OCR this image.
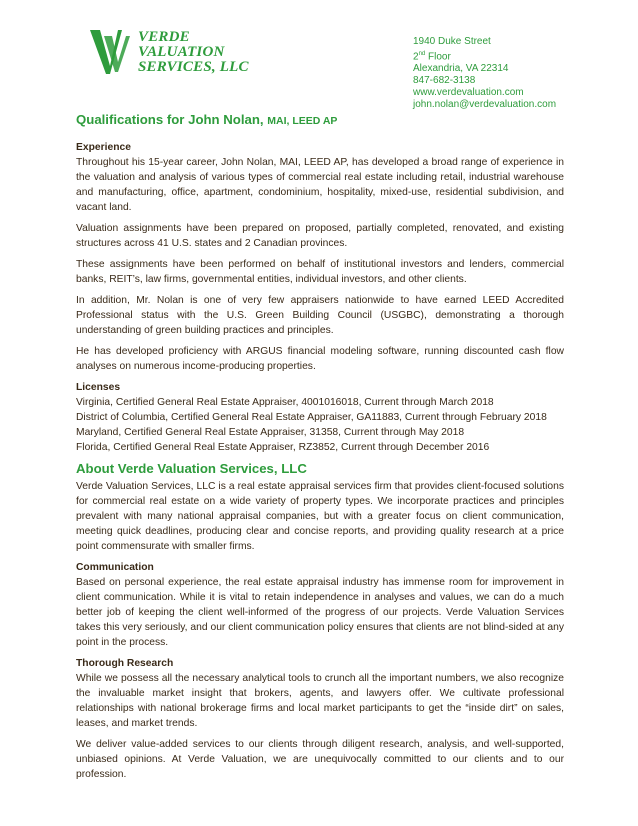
VERDE
VALUATION
SERVICES, LLC
1940 Duke Street
2nd Floor
Alexandria, VA 22314
847-682-3138
www.verdevaluation.com
john.nolan@verdevaluation.com
Qualifications for John Nolan, MAI, LEED AP
Experience

Throughout his 15-year career, John Nolan, MAI, LEED AP, has developed a broad range of experience in the valuation and analysis of various types of commercial real estate including retail, industrial warehouse and manufacturing, office, apartment, condominium, hospitality, mixed-use, residential subdivision, and vacant land.

Valuation assignments have been prepared on proposed, partially completed, renovated, and existing structures across 41 U.S. states and 2 Canadian provinces.

These assignments have been performed on behalf of institutional investors and lenders, commercial banks, REIT’s, law firms, governmental entities, individual investors, and other clients.

In addition, Mr. Nolan is one of very few appraisers nationwide to have earned LEED Accredited Professional status with the U.S. Green Building Council (USGBC), demonstrating a thorough understanding of green building practices and principles.

He has developed proficiency with ARGUS financial modeling software, running discounted cash flow analyses on numerous income-producing properties.

Licenses
Virginia, Certified General Real Estate Appraiser, 4001016018, Current through March 2018
District of Columbia, Certified General Real Estate Appraiser, GA11883, Current through February 2018
Maryland, Certified General Real Estate Appraiser, 31358, Current through May 2018
Florida, Certified General Real Estate Appraiser, RZ3852, Current through December 2016
About Verde Valuation Services, LLC

Verde Valuation Services, LLC is a real estate appraisal services firm that provides client-focused solutions for commercial real estate on a wide variety of property types. We incorporate practices and principles prevalent with many national appraisal companies, but with a greater focus on client communication, meeting quick deadlines, producing clear and concise reports, and providing quality research at a price point commensurate with smaller firms.

Communication

Based on personal experience, the real estate appraisal industry has immense room for improvement in client communication. While it is vital to retain independence in analyses and values, we can do a much better job of keeping the client well-informed of the progress of our projects. Verde Valuation Services takes this very seriously, and our client communication policy ensures that clients are not blind-sided at any point in the process.

Thorough Research

While we possess all the necessary analytical tools to crunch all the important numbers, we also recognize the invaluable market insight that brokers, agents, and lawyers offer. We cultivate professional relationships with national brokerage firms and local market participants to get the “inside dirt” on sales, leases, and market trends.

We deliver value-added services to our clients through diligent research, analysis, and well-supported, unbiased opinions. At Verde Valuation, we are unequivocally committed to our clients and to our profession.
